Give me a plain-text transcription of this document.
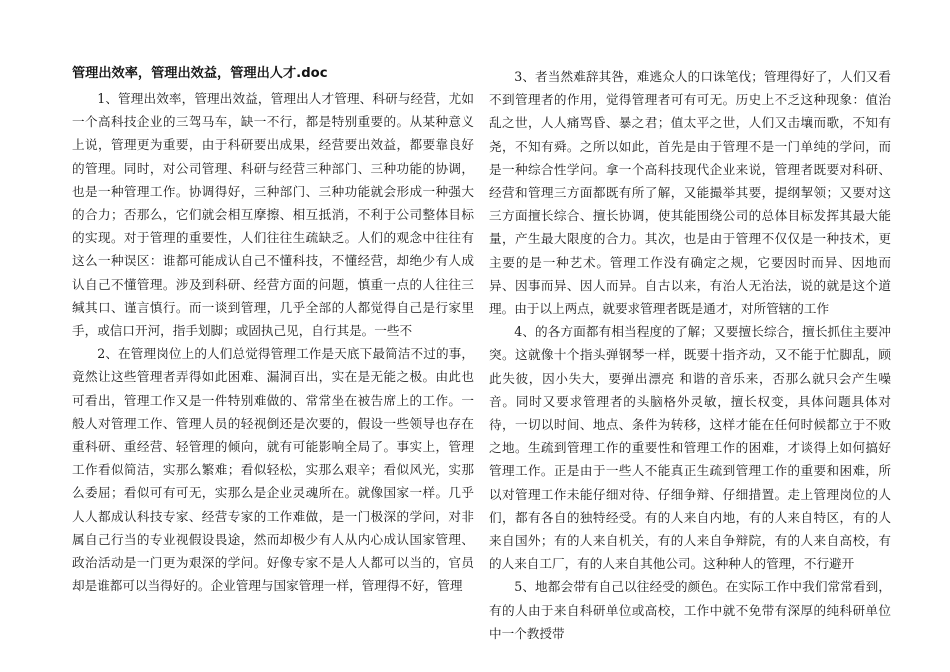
管理出效率，管理出效益，管理出人才.doc

1、管理出效率，管理出效益，管理出人才管理、科研与经营，尤如一个高科技企业的三驾马车，缺一不行，都是特别重要的。从某种意义上说，管理更为重要，由于科研要出成果，经营要出效益，都要靠良好的管理。同时，对公司管理、科研与经营三种部门、三种功能的协调，也是一种管理工作。协调得好，三种部门、三种功能就会形成一种强大的合力；否那么，它们就会相互摩擦、相互抵消，不利于公司整体目标的实现。对于管理的重要性，人们往往生疏缺乏。人们的观念中往往有这么一种误区：谁都可能成认自己不懂科技，不懂经营，却绝少有人成认自己不懂管理。涉及到科研、经营方面的问题，慎重一点的人往往三缄其口、谨言慎行。而一谈到管理，几乎全部的人都觉得自己是行家里手，或信口开河，指手划脚；或固执己见，自行其是。一些不

2、在管理岗位上的人们总觉得管理工作是天底下最简洁不过的事，竟然让这些管理者弄得如此困难、漏洞百出，实在是无能之极。由此也可看出，管理工作又是一件特别难做的、常常坐在被告席上的工作。一般人对管理工作、管理人员的轻视倒还是次要的，假设一些领导也存在重科研、重经营、轻管理的倾向，就有可能影响全局了。事实上，管理工作看似简洁，实那么繁难；看似轻松，实那么艰辛；看似风光，实那么委屈；看似可有可无，实那么是企业灵魂所在。就像国家一样。几乎人人都成认科技专家、经营专家的工作难做，是一门极深的学问，对非属自己行当的专业视假设畏途，然而却极少有人从内心成认国家管理、政治活动是一门更为艰深的学问。好像专家不是人人都可以当的，官员却是谁都可以当得好的。企业管理与国家管理一样，管理得不好，管理

3、者当然难辞其咎，难逃众人的口诛笔伐；管理得好了，人们又看不到管理者的作用，觉得管理者可有可无。历史上不乏这种现象：值治乱之世，人人痛骂昏、暴之君；值太平之世，人们又击壤而歌，不知有尧，不知有舜。之所以如此，首先是由于管理不是一门单纯的学问，而是一种综合性学问。拿一个高科技现代企业来说，管理者既要对科研、经营和管理三方面都既有所了解，又能撮举其要，提纲挈领；又要对这三方面擅长综合、擅长协调，使其能围绕公司的总体目标发挥其最大能量，产生最大限度的合力。其次，也是由于管理不仅仅是一种技术，更主要的是一种艺术。管理工作没有确定之规，它要因时而异、因地而异、因事而异、因人而异。自古以来，有治人无治法，说的就是这个道理。由于以上两点，就要求管理者既是通才，对所管辖的工作

4、的各方面都有相当程度的了解；又要擅长综合，擅长抓住主要冲突。这就像十个指头弹钢琴一样，既要十指齐动，又不能于忙脚乱，顾此失彼，因小失大，要弹出漂亮 和谐的音乐来，否那么就只会产生噪音。同时又要求管理者的头脑格外灵敏，擅长权变，具体问题具体对待，一切以时间、地点、条件为转移，这样才能在任何时候都立于不败之地。生疏到管理工作的重要性和管理工作的困难，才谈得上如何搞好管理工作。正是由于一些人不能真正生疏到管理工作的重要和困难，所以对管理工作未能仔细对待、仔细争辩、仔细措置。走上管理岗位的人们，都有各自的独特经受。有的人来自内地，有的人来自特区，有的人来自国外；有的人来自机关，有的人来自争辩院，有的人来自高校，有的人来自工厂，有的人来自其他公司。这种种人的管理，不行避开

5、地都会带有自己以往经受的颜色。在实际工作中我们常常看到，有的人由于来自科研单位或高校，工作中就不免带有深厚的纯科研单位中一个教授带
